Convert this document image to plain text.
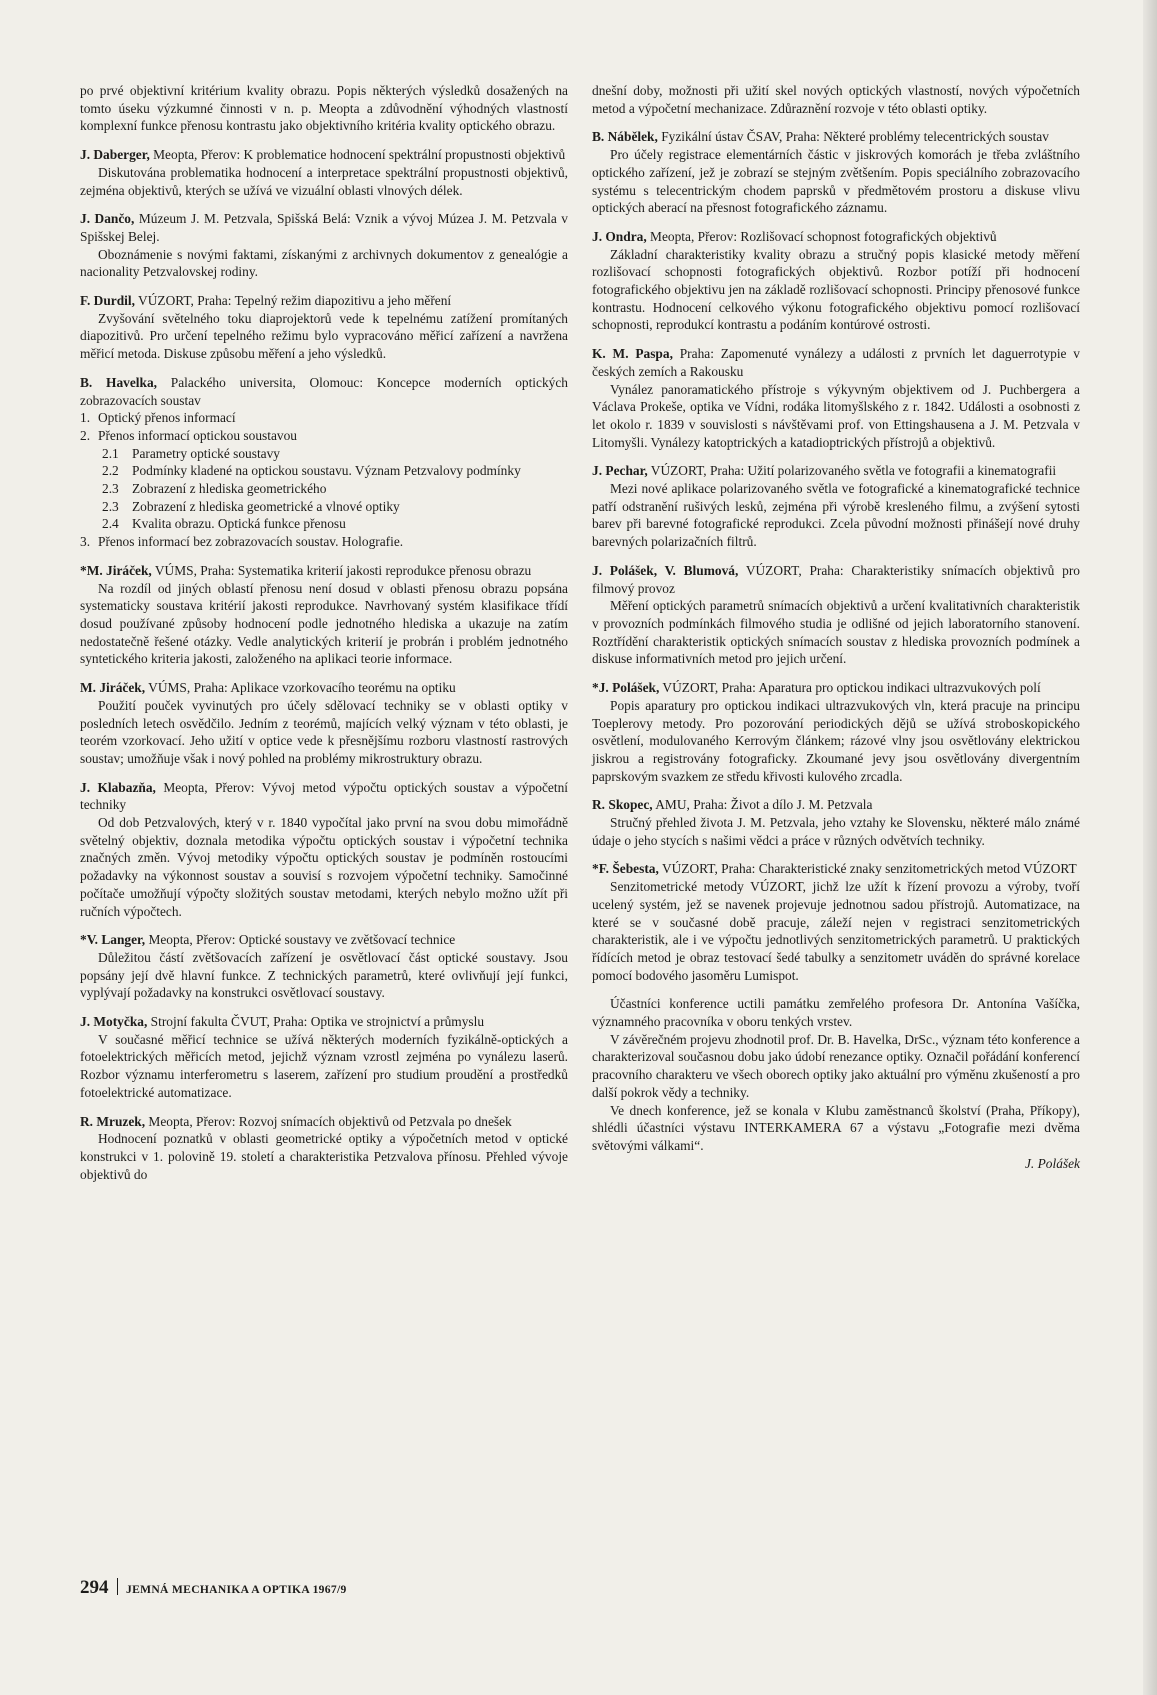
po prvé objektivní kritérium kvality obrazu. Popis některých výsledků dosažených na tomto úseku výzkumné činnosti v n. p. Meopta a zdůvodnění výhodných vlastností komplexní funkce přenosu kontrastu jako objektivního kritéria kvality optického obrazu.

J. Daberger, Meopta, Přerov: K problematice hodnocení spektrální propustnosti objektivů

Diskutována problematika hodnocení a interpretace spektrální propustnosti objektivů, zejména objektivů, kterých se užívá ve vizuální oblasti vlnových délek.

J. Dančo, Múzeum J. M. Petzvala, Spišská Belá: Vznik a vývoj Múzea J. M. Petzvala v Spišskej Belej.

Oboznámenie s novými faktami, získanými z archivnych dokumentov z genealógie a nacionality Petzvalovskej rodiny.

F. Durdil, VÚZORT, Praha: Tepelný režim diapozitivu a jeho měření

Zvyšování světelného toku diaprojektorů vede k tepelnému zatížení promítaných diapozitivů. Pro určení tepelného režimu bylo vypracováno měřicí zařízení a navržena měřicí metoda. Diskuse způsobu měření a jeho výsledků.

B. Havelka, Palackého universita, Olomouc: Koncepce moderních optických zobrazovacích soustav

1. Optický přenos informací
2. Přenos informací optickou soustavou
2.1 Parametry optické soustavy
2.2 Podmínky kladené na optickou soustavu. Význam Petzvalovy podmínky
2.3 Zobrazení z hlediska geometrického
2.3 Zobrazení z hlediska geometrické a vlnové optiky
2.4 Kvalita obrazu. Optická funkce přenosu
3. Přenos informací bez zobrazovacích soustav. Holografie.

*M. Jiráček, VÚMS, Praha: Systematika kriterií jakosti reprodukce přenosu obrazu

Na rozdíl od jiných oblastí přenosu není dosud v oblasti přenosu obrazu popsána systematicky soustava kritérií jakosti reprodukce. Navrhovaný systém klasifikace třídí dosud používané způsoby hodnocení podle jednotného hlediska a ukazuje na zatím nedostatečně řešené otázky. Vedle analytických kriterií je probrán i problém jednotného syntetického kriteria jakosti, založeného na aplikaci teorie informace.

M. Jiráček, VÚMS, Praha: Aplikace vzorkovacího teorému na optiku

Použití pouček vyvinutých pro účely sdělovací techniky se v oblasti optiky v posledních letech osvědčilo. Jedním z teorémů, majících velký význam v této oblasti, je teorém vzorkovací. Jeho užití v optice vede k přesnějšímu rozboru vlastností rastrových soustav; umožňuje však i nový pohled na problémy mikrostruktury obrazu.

J. Klabazňa, Meopta, Přerov: Vývoj metod výpočtu optických soustav a výpočetní techniky

Od dob Petzvalových, který v r. 1840 vypočítal jako první na svou dobu mimořádně světelný objektiv, doznala metodika výpočtu optických soustav i výpočetní technika značných změn. Vývoj metodiky výpočtu optických soustav je podmíněn rostoucími požadavky na výkonnost soustav a souvisí s rozvojem výpočetní techniky. Samočinné počítače umožňují výpočty složitých soustav metodami, kterých nebylo možno užít při ručních výpočtech.

*V. Langer, Meopta, Přerov: Optické soustavy ve zvětšovací technice

Důležitou částí zvětšovacích zařízení je osvětlovací část optické soustavy. Jsou popsány její dvě hlavní funkce. Z technických parametrů, které ovlivňují její funkci, vyplývají požadavky na konstrukci osvětlovací soustavy.

J. Motyčka, Strojní fakulta ČVUT, Praha: Optika ve strojnictví a průmyslu

V současné měřicí technice se užívá některých moderních fyzikálně-optických a fotoelektrických měřicích metod, jejichž význam vzrostl zejména po vynálezu laserů. Rozbor významu interferometru s laserem, zařízení pro studium proudění a prostředků fotoelektrické automatizace.

R. Mruzek, Meopta, Přerov: Rozvoj snímacích objektivů od Petzvala po dnešek

Hodnocení poznatků v oblasti geometrické optiky a výpočetních metod v optické konstrukci v 1. polovině 19. století a charakteristika Petzvalova přínosu. Přehled vývoje objektivů do

dnešní doby, možnosti při užití skel nových optických vlastností, nových výpočetních metod a výpočetní mechanizace. Zdůraznění rozvoje v této oblasti optiky.

B. Nábělek, Fyzikální ústav ČSAV, Praha: Některé problémy telecentrických soustav

Pro účely registrace elementárních částic v jiskrových komorách je třeba zvláštního optického zařízení, jež je zobrazí se stejným zvětšením. Popis speciálního zobrazovacího systému s telecentrickým chodem paprsků v předmětovém prostoru a diskuse vlivu optických aberací na přesnost fotografického záznamu.

J. Ondra, Meopta, Přerov: Rozlišovací schopnost fotografických objektivů

Základní charakteristiky kvality obrazu a stručný popis klasické metody měření rozlišovací schopnosti fotografických objektivů. Rozbor potíží při hodnocení fotografického objektivu jen na základě rozlišovací schopnosti. Principy přenosové funkce kontrastu. Hodnocení celkového výkonu fotografického objektivu pomocí rozlišovací schopnosti, reprodukcí kontrastu a podáním kontúrové ostrosti.

K. M. Paspa, Praha: Zapomenuté vynálezy a události z prvních let daguerrotypie v českých zemích a Rakousku

Vynález panoramatického přístroje s výkyvným objektivem od J. Puchbergera a Václava Prokeše, optika ve Vídni, rodáka litomyšlského z r. 1842. Události a osobnosti z let okolo r. 1839 v souvislosti s návštěvami prof. von Ettingshausena a J. M. Petzvala v Litomyšli. Vynálezy katoptrických a katadioptrických přístrojů a objektivů.

J. Pechar, VÚZORT, Praha: Užití polarizovaného světla ve fotografii a kinematografii

Mezi nové aplikace polarizovaného světla ve fotografické a kinematografické technice patří odstranění rušivých lesků, zejména při výrobě kresleného filmu, a zvýšení sytosti barev při barevné fotografické reprodukci. Zcela původní možnosti přinášejí nové druhy barevných polarizačních filtrů.

J. Polášek, V. Blumová, VÚZORT, Praha: Charakteristiky snímacích objektivů pro filmový provoz

Měření optických parametrů snímacích objektivů a určení kvalitativních charakteristik v provozních podmínkách filmového studia je odlišné od jejich laboratorního stanovení. Roztřídění charakteristik optických snímacích soustav z hlediska provozních podmínek a diskuse informativních metod pro jejich určení.

*J. Polášek, VÚZORT, Praha: Aparatura pro optickou indikaci ultrazvukových polí

Popis aparatury pro optickou indikaci ultrazvukových vln, která pracuje na principu Toeplerovy metody. Pro pozorování periodických dějů se užívá stroboskopického osvětlení, modulovaného Kerrovým článkem; rázové vlny jsou osvětlovány elektrickou jiskrou a registrovány fotograficky. Zkoumané jevy jsou osvětlovány divergentním paprskovým svazkem ze středu křivosti kulového zrcadla.

R. Skopec, AMU, Praha: Život a dílo J. M. Petzvala

Stručný přehled života J. M. Petzvala, jeho vztahy ke Slovensku, některé málo známé údaje o jeho stycích s našimi vědci a práce v různých odvětvích techniky.

*F. Šebesta, VÚZORT, Praha: Charakteristické znaky senzitometrických metod VÚZORT

Senzitometrické metody VÚZORT, jichž lze užít k řízení provozu a výroby, tvoří ucelený systém, jež se navenek projevuje jednotnou sadou přístrojů. Automatizace, na které se v současné době pracuje, záleží nejen v registraci senzitometrických charakteristik, ale i ve výpočtu jednotlivých senzitometrických parametrů. U praktických řídících metod je obraz testovací šedé tabulky a senzitometr uváděn do správné korelace pomocí bodového jasoměru Lumispot.

Účastníci konference uctili památku zemřelého profesora Dr. Antonína Vašíčka, významného pracovníka v oboru tenkých vrstev.

V závěrečném projevu zhodnotil prof. Dr. B. Havelka, DrSc., význam této konference a charakterizoval současnou dobu jako údobí renezance optiky. Označil pořádání konferencí pracovního charakteru ve všech oborech optiky jako aktuální pro výměnu zkušeností a pro další pokrok vědy a techniky.

Ve dnech konference, jež se konala v Klubu zaměstnanců školství (Praha, Příkopy), shlédli účastníci výstavu INTERKAMERA 67 a výstavu „Fotografie mezi dvěma světovými válkami“.

J. Polášek
294 JEMNÁ MECHANIKA A OPTIKA 1967/9
